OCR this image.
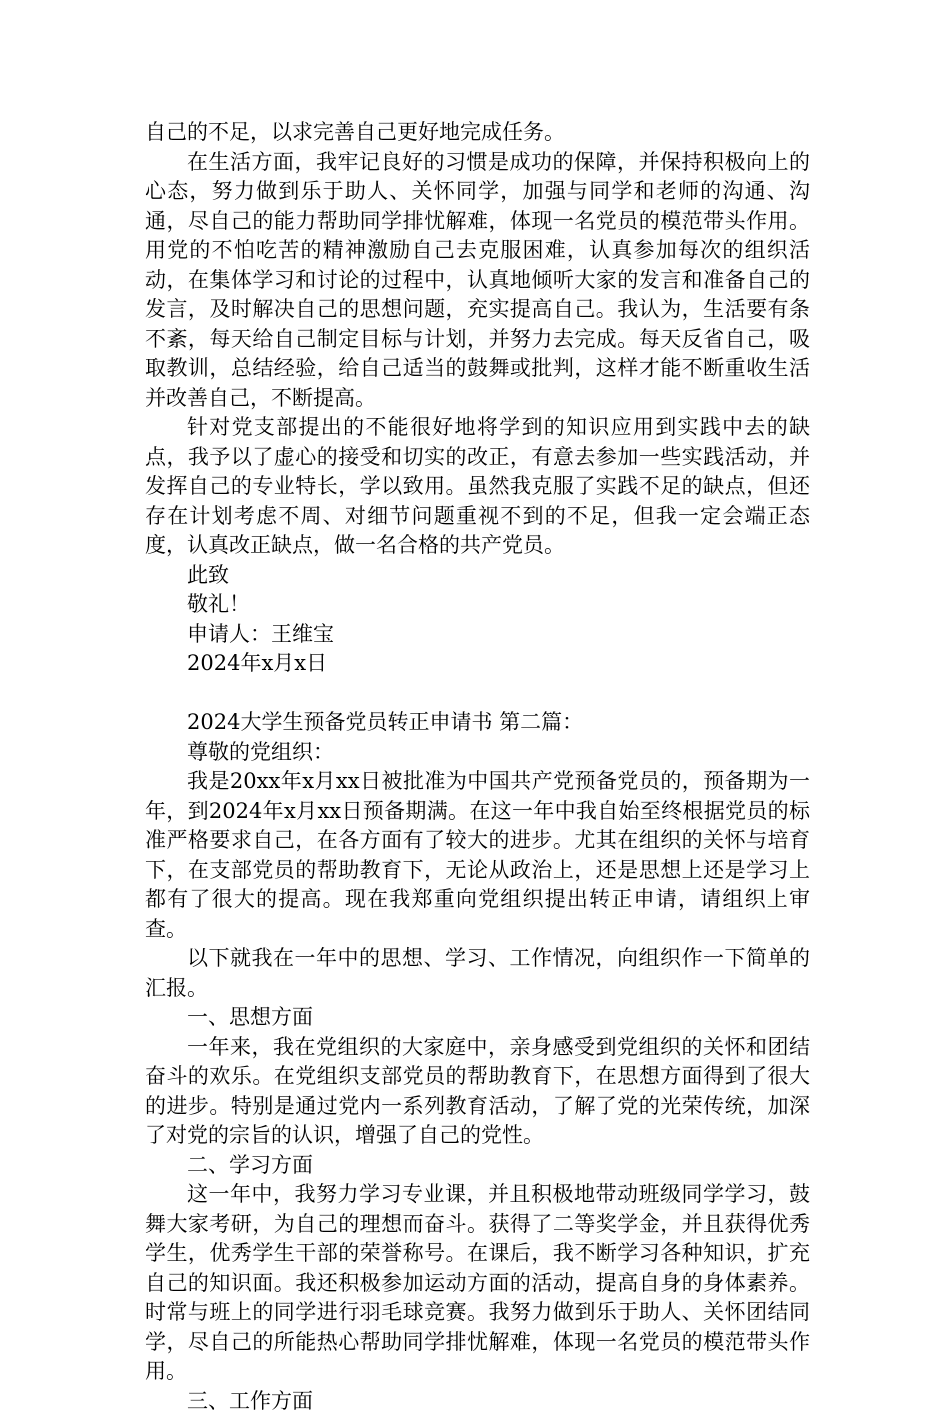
自己的不足，以求完善自己更好地完成任务。

在生活方面，我牢记良好的习惯是成功的保障，并保持积极向上的心态，努力做到乐于助人、关怀同学，加强与同学和老师的沟通、沟通，尽自己的能力帮助同学排忧解难，体现一名党员的模范带头作用。用党的不怕吃苦的精神激励自己去克服困难，认真参加每次的组织活动，在集体学习和讨论的过程中，认真地倾听大家的发言和准备自己的发言，及时解决自己的思想问题，充实提高自己。我认为，生活要有条不紊，每天给自己制定目标与计划，并努力去完成。每天反省自己，吸取教训，总结经验，给自己适当的鼓舞或批判，这样才能不断重收生活并改善自己，不断提高。

针对党支部提出的不能很好地将学到的知识应用到实践中去的缺点，我予以了虚心的接受和切实的改正，有意去参加一些实践活动，并发挥自己的专业特长，学以致用。虽然我克服了实践不足的缺点，但还存在计划考虑不周、对细节问题重视不到的不足，但我一定会端正态度，认真改正缺点，做一名合格的共产党员。

此致

敬礼！

申请人：王维宝

2024年x月x日

2024大学生预备党员转正申请书 第二篇：

尊敬的党组织：

我是20xx年x月xx日被批准为中国共产党预备党员的，预备期为一年，到2024年x月xx日预备期满。在这一年中我自始至终根据党员的标准严格要求自己，在各方面有了较大的进步。尤其在组织的关怀与培育下，在支部党员的帮助教育下，无论从政治上，还是思想上还是学习上都有了很大的提高。现在我郑重向党组织提出转正申请，请组织上审查。

以下就我在一年中的思想、学习、工作情况，向组织作一下简单的汇报。

一、思想方面

一年来，我在党组织的大家庭中，亲身感受到党组织的关怀和团结奋斗的欢乐。在党组织支部党员的帮助教育下，在思想方面得到了很大的进步。特别是通过党内一系列教育活动，了解了党的光荣传统，加深了对党的宗旨的认识，增强了自己的党性。

二、学习方面

这一年中，我努力学习专业课，并且积极地带动班级同学学习，鼓舞大家考研，为自己的理想而奋斗。获得了二等奖学金，并且获得优秀学生，优秀学生干部的荣誉称号。在课后，我不断学习各种知识，扩充自己的知识面。我还积极参加运动方面的活动，提高自身的身体素养。时常与班上的同学进行羽毛球竞赛。我努力做到乐于助人、关怀团结同学，尽自己的所能热心帮助同学排忧解难，体现一名党员的模范带头作用。

三、工作方面
